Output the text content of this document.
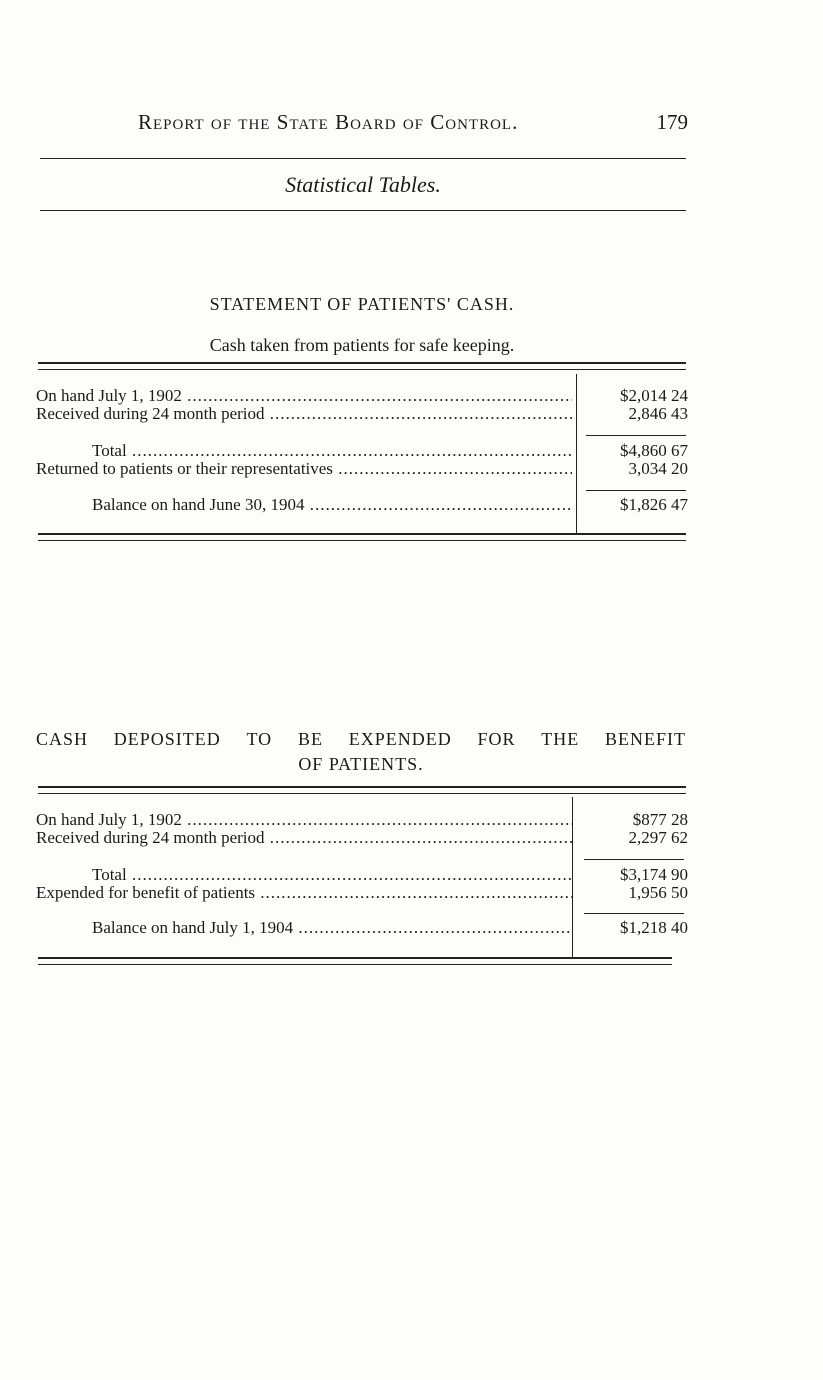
Report of the State Board of Control.	179
Statistical Tables.
STATEMENT OF PATIENTS' CASH.
Cash taken from patients for safe keeping.
On hand July 1, 1902 .....	$2,014 24
Received during 24 month period .....	2,846 43
Total .....	$4,860 67
Returned to patients or their representatives .....	3,034 20
Balance on hand June 30, 1904 .....	$1,826 47
CASH DEPOSITED TO BE EXPENDED FOR THE BENEFIT
OF PATIENTS.
On hand July 1, 1902 .....	$877 28
Received during 24 month period .....	2,297 62
Total .....	$3,174 90
Expended for benefit of patients .....	1,956 50
Balance on hand July 1, 1904 .....	$1,218 40
